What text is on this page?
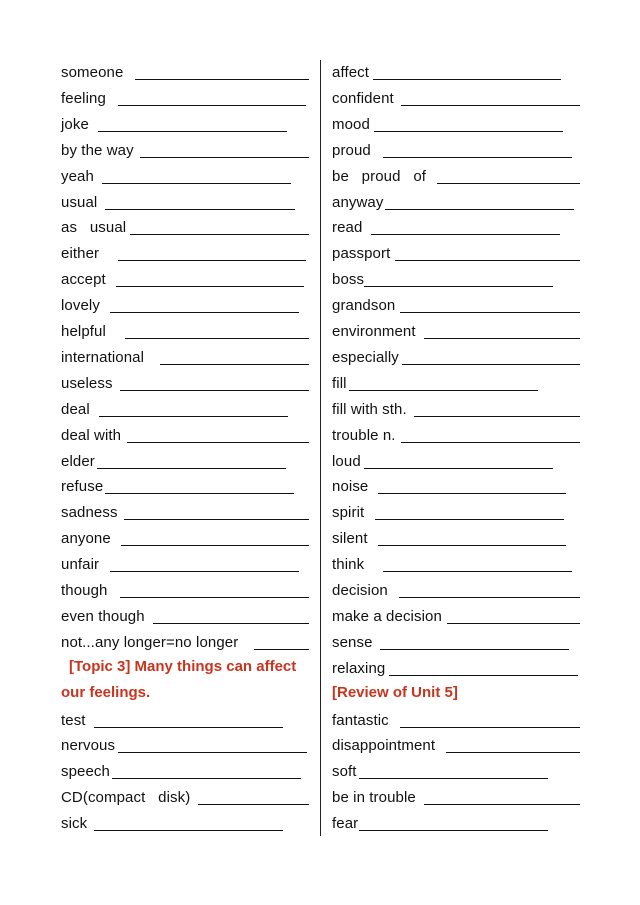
someone
feeling
joke
by the way
yeah
usual
as   usual
either
accept
lovely
helpful
international
useless
deal
deal with
elder
refuse
sadness
anyone
unfair
though
even though
not...any longer=no longer
[Topic 3] Many things can affect
our feelings.
test
nervous
speech
CD(compact   disk)
sick
affect
confident
mood
proud
be   proud   of
anyway
read
passport
boss
grandson
environment
especially
fill
fill with sth.
trouble n.
loud
noise
spirit
silent
think
decision
make a decision
sense
relaxing
[Review of Unit 5]
fantastic
disappointment
soft
be in trouble
fear
